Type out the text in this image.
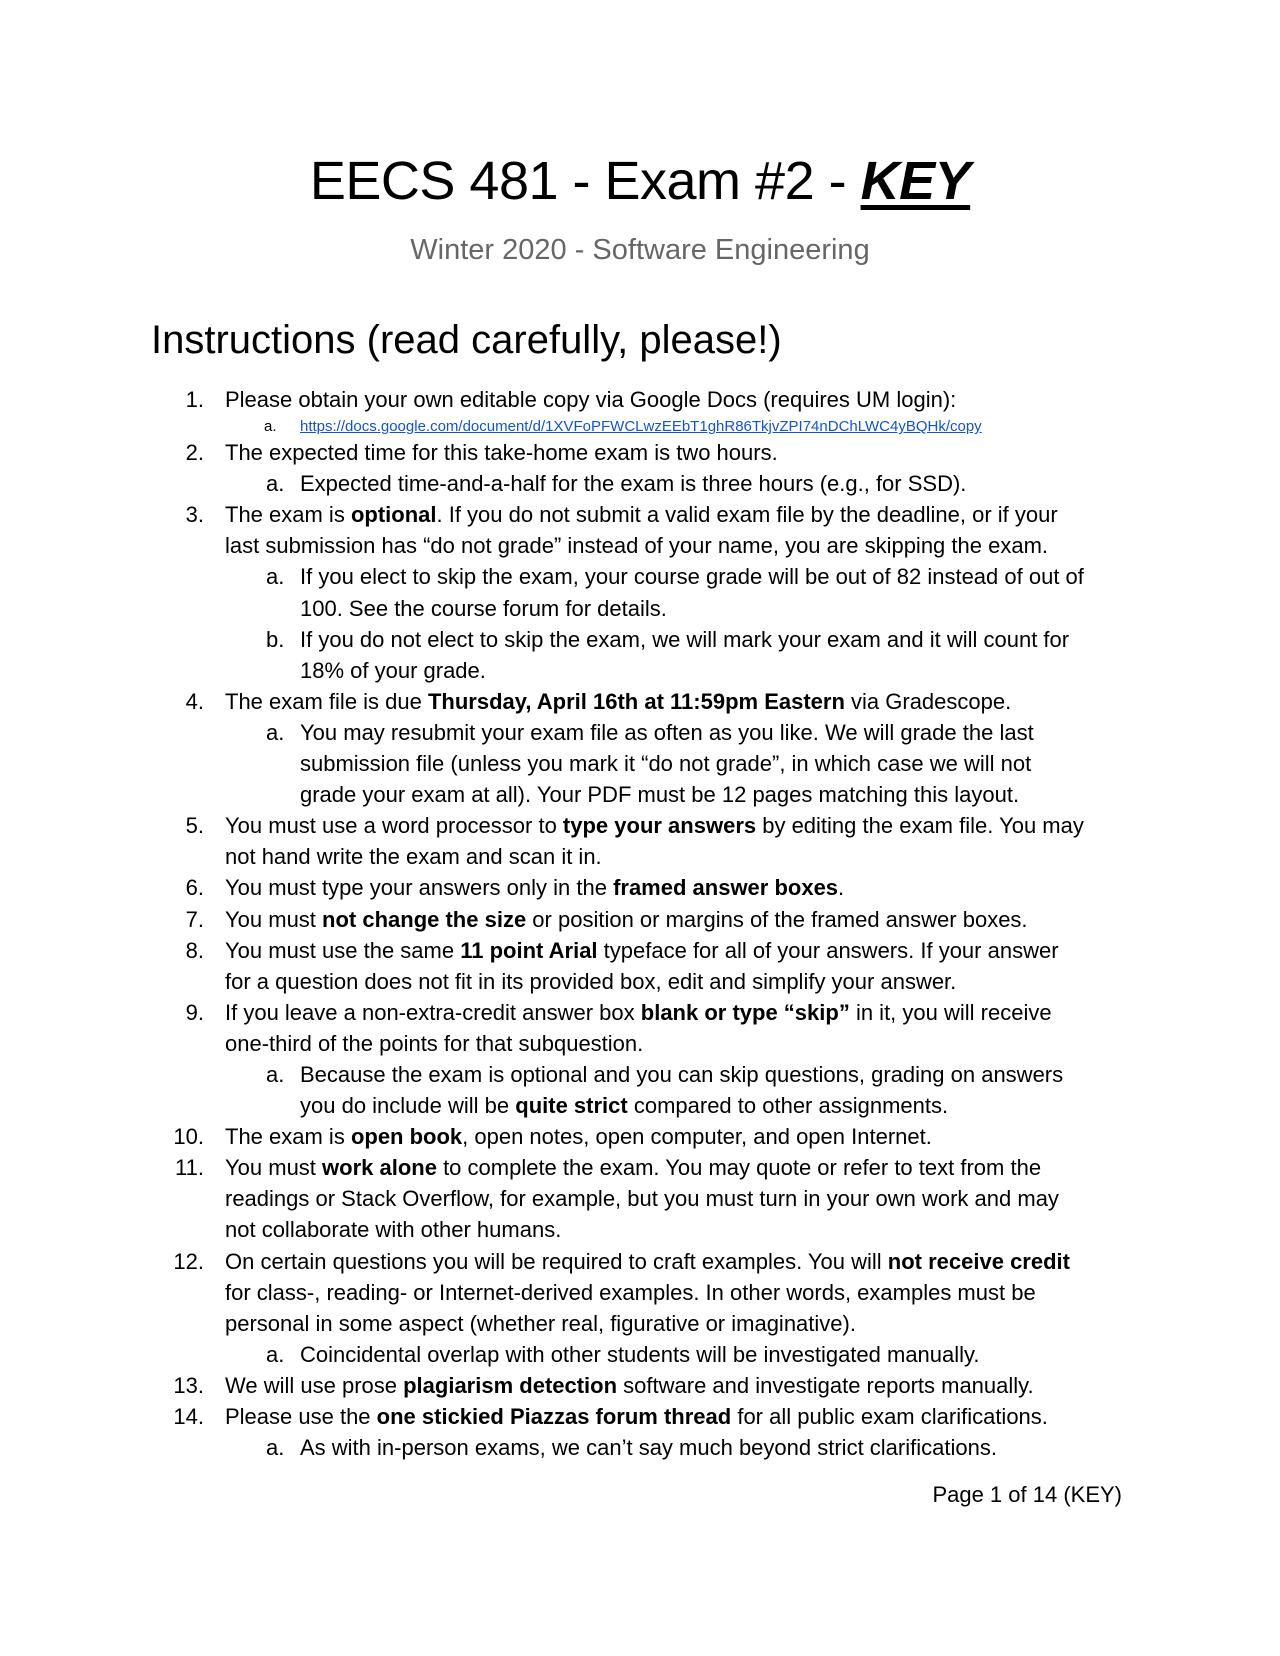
EECS 481 - Exam #2 - KEY
Winter 2020 - Software Engineering
Instructions (read carefully, please!)
1. Please obtain your own editable copy via Google Docs (requires UM login):
a. https://docs.google.com/document/d/1XVFoPFWCLwzEEbT1ghR86TkjvZPI74nDChLWC4yBQHk/copy
2. The expected time for this take-home exam is two hours.
a. Expected time-and-a-half for the exam is three hours (e.g., for SSD).
3. The exam is optional. If you do not submit a valid exam file by the deadline, or if your
last submission has “do not grade” instead of your name, you are skipping the exam.
a. If you elect to skip the exam, your course grade will be out of 82 instead of out of
100. See the course forum for details.
b. If you do not elect to skip the exam, we will mark your exam and it will count for
18% of your grade.
4. The exam file is due Thursday, April 16th at 11:59pm Eastern via Gradescope.
a. You may resubmit your exam file as often as you like. We will grade the last
submission file (unless you mark it “do not grade”, in which case we will not
grade your exam at all). Your PDF must be 12 pages matching this layout.
5. You must use a word processor to type your answers by editing the exam file. You may
not hand write the exam and scan it in.
6. You must type your answers only in the framed answer boxes.
7. You must not change the size or position or margins of the framed answer boxes.
8. You must use the same 11 point Arial typeface for all of your answers. If your answer
for a question does not fit in its provided box, edit and simplify your answer.
9. If you leave a non-extra-credit answer box blank or type “skip” in it, you will receive
one-third of the points for that subquestion.
a. Because the exam is optional and you can skip questions, grading on answers
you do include will be quite strict compared to other assignments.
10. The exam is open book, open notes, open computer, and open Internet.
11. You must work alone to complete the exam. You may quote or refer to text from the
readings or Stack Overflow, for example, but you must turn in your own work and may
not collaborate with other humans.
12. On certain questions you will be required to craft examples. You will not receive credit
for class-, reading- or Internet-derived examples. In other words, examples must be
personal in some aspect (whether real, figurative or imaginative).
a. Coincidental overlap with other students will be investigated manually.
13. We will use prose plagiarism detection software and investigate reports manually.
14. Please use the one stickied Piazzas forum thread for all public exam clarifications.
a. As with in-person exams, we can’t say much beyond strict clarifications.
Page 1 of 14 (KEY)
